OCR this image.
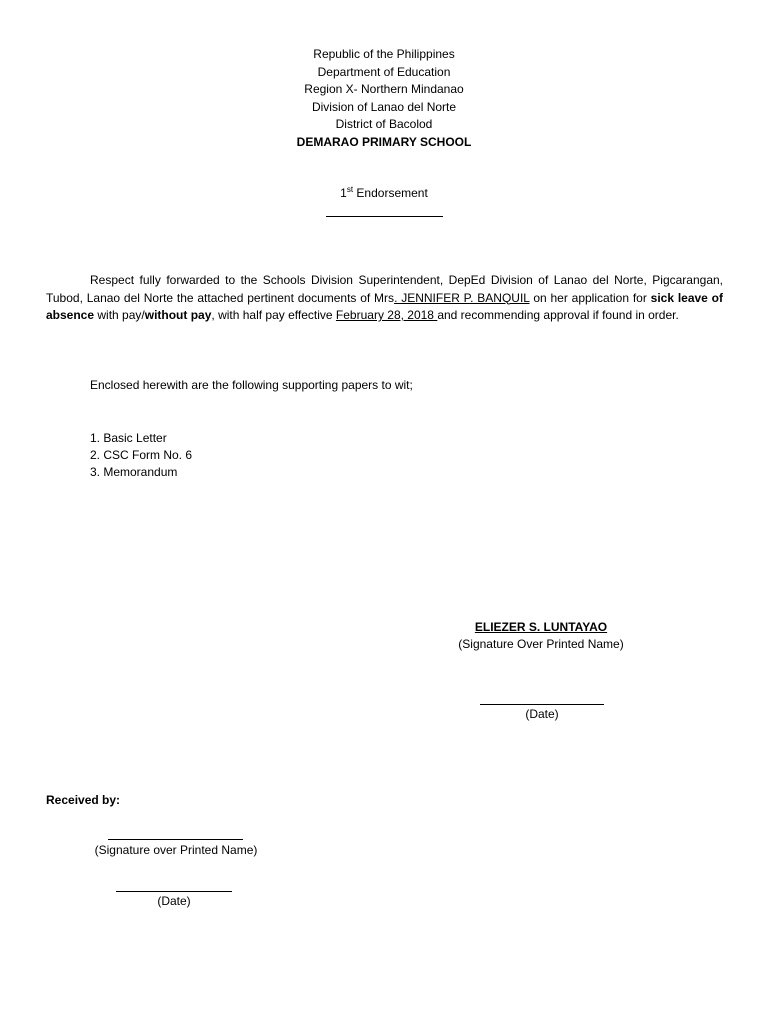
Republic of the Philippines
Department of Education
Region X- Northern Mindanao
Division of Lanao del Norte
District of Bacolod
DEMARAO PRIMARY SCHOOL
1st Endorsement
Respect fully forwarded to the Schools Division Superintendent, DepEd Division of Lanao del Norte, Pigcarangan, Tubod, Lanao del Norte the attached pertinent documents of Mrs. JENNIFER P. BANQUIL on her application for sick leave of absence with pay/without pay, with half pay effective February 28, 2018 and recommending approval if found in order.
Enclosed herewith are the following supporting papers to wit;
1. Basic Letter
2. CSC Form No. 6
3. Memorandum
ELIEZER S. LUNTAYAO
(Signature Over Printed Name)
(Date)
Received by:
(Signature over Printed Name)
(Date)
